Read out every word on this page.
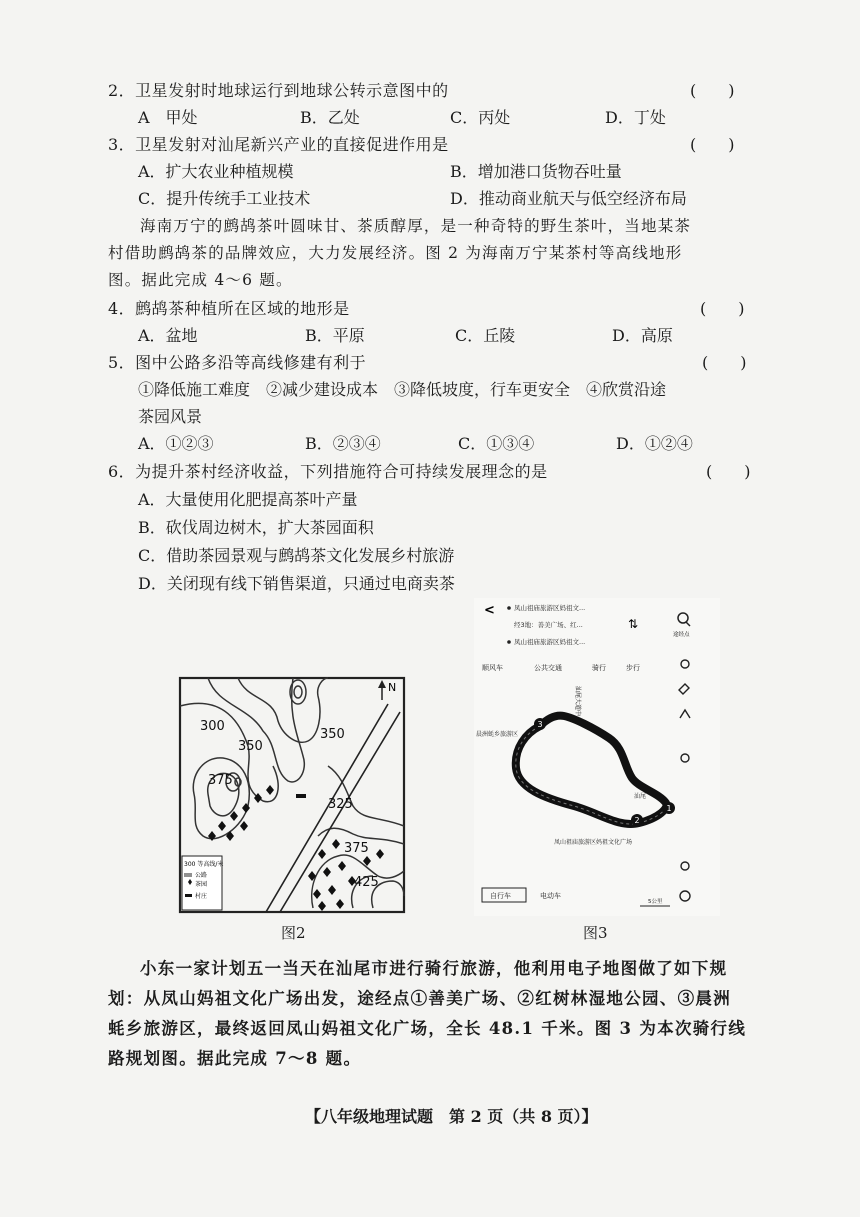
2．卫星发射时地球运行到地球公转示意图中的	(　　)
A　甲处	B．乙处	C．丙处	D．丁处
3．卫星发射对汕尾新兴产业的直接促进作用是	(　　)
A．扩大农业种植规模	B．增加港口货物吞吐量
C．提升传统手工业技术	D．推动商业航天与低空经济布局
海南万宁的鹧鸪茶叶圆味甘、茶质醇厚，是一种奇特的野生茶叶，当地某茶
村借助鹧鸪茶的品牌效应，大力发展经济。图 2 为海南万宁某茶村等高线地形
图。据此完成 4～6 题。
4．鹧鸪茶种植所在区域的地形是	(　　)
A．盆地	B．平原	C．丘陵	D．高原
5．图中公路多沿等高线修建有利于	(　　)
①降低施工难度　②减少建设成本　③降低坡度，行车更安全　④欣赏沿途
茶园风景
A．①②③	B．②③④	C．①③④	D．①②④
6．为提升茶村经济收益，下列措施符合可持续发展理念的是	(　　)
A．大量使用化肥提高茶叶产量
B．砍伐周边树木，扩大茶园面积
C．借助茶园景观与鹧鸪茶文化发展乡村旅游
D．关闭现有线下销售渠道，只通过电商卖茶
N
300
350
350
375
325
375
425
300 等高线/米
公路
茶园
村庄
图2
<	凤山祖庙旅游区妈祖文...
经3地：善美广场、红...
凤山祖庙旅游区妈祖文...
⇅
途经点
顺风车	公共交通	骑行	步行
汕尾大道中
3
1
2
晨洲蚝乡旅游区
汕尾
凤山祖庙旅游区妈祖文化广场
自行车	电动车
5公里
图3
小东一家计划五一当天在汕尾市进行骑行旅游，他利用电子地图做了如下规
划：从凤山妈祖文化广场出发，途经点①善美广场、②红树林湿地公园、③晨洲
蚝乡旅游区，最终返回凤山妈祖文化广场，全长 48.1 千米。图 3 为本次骑行线
路规划图。据此完成 7～8 题。
【八年级地理试题　第 2 页（共 8 页）】
